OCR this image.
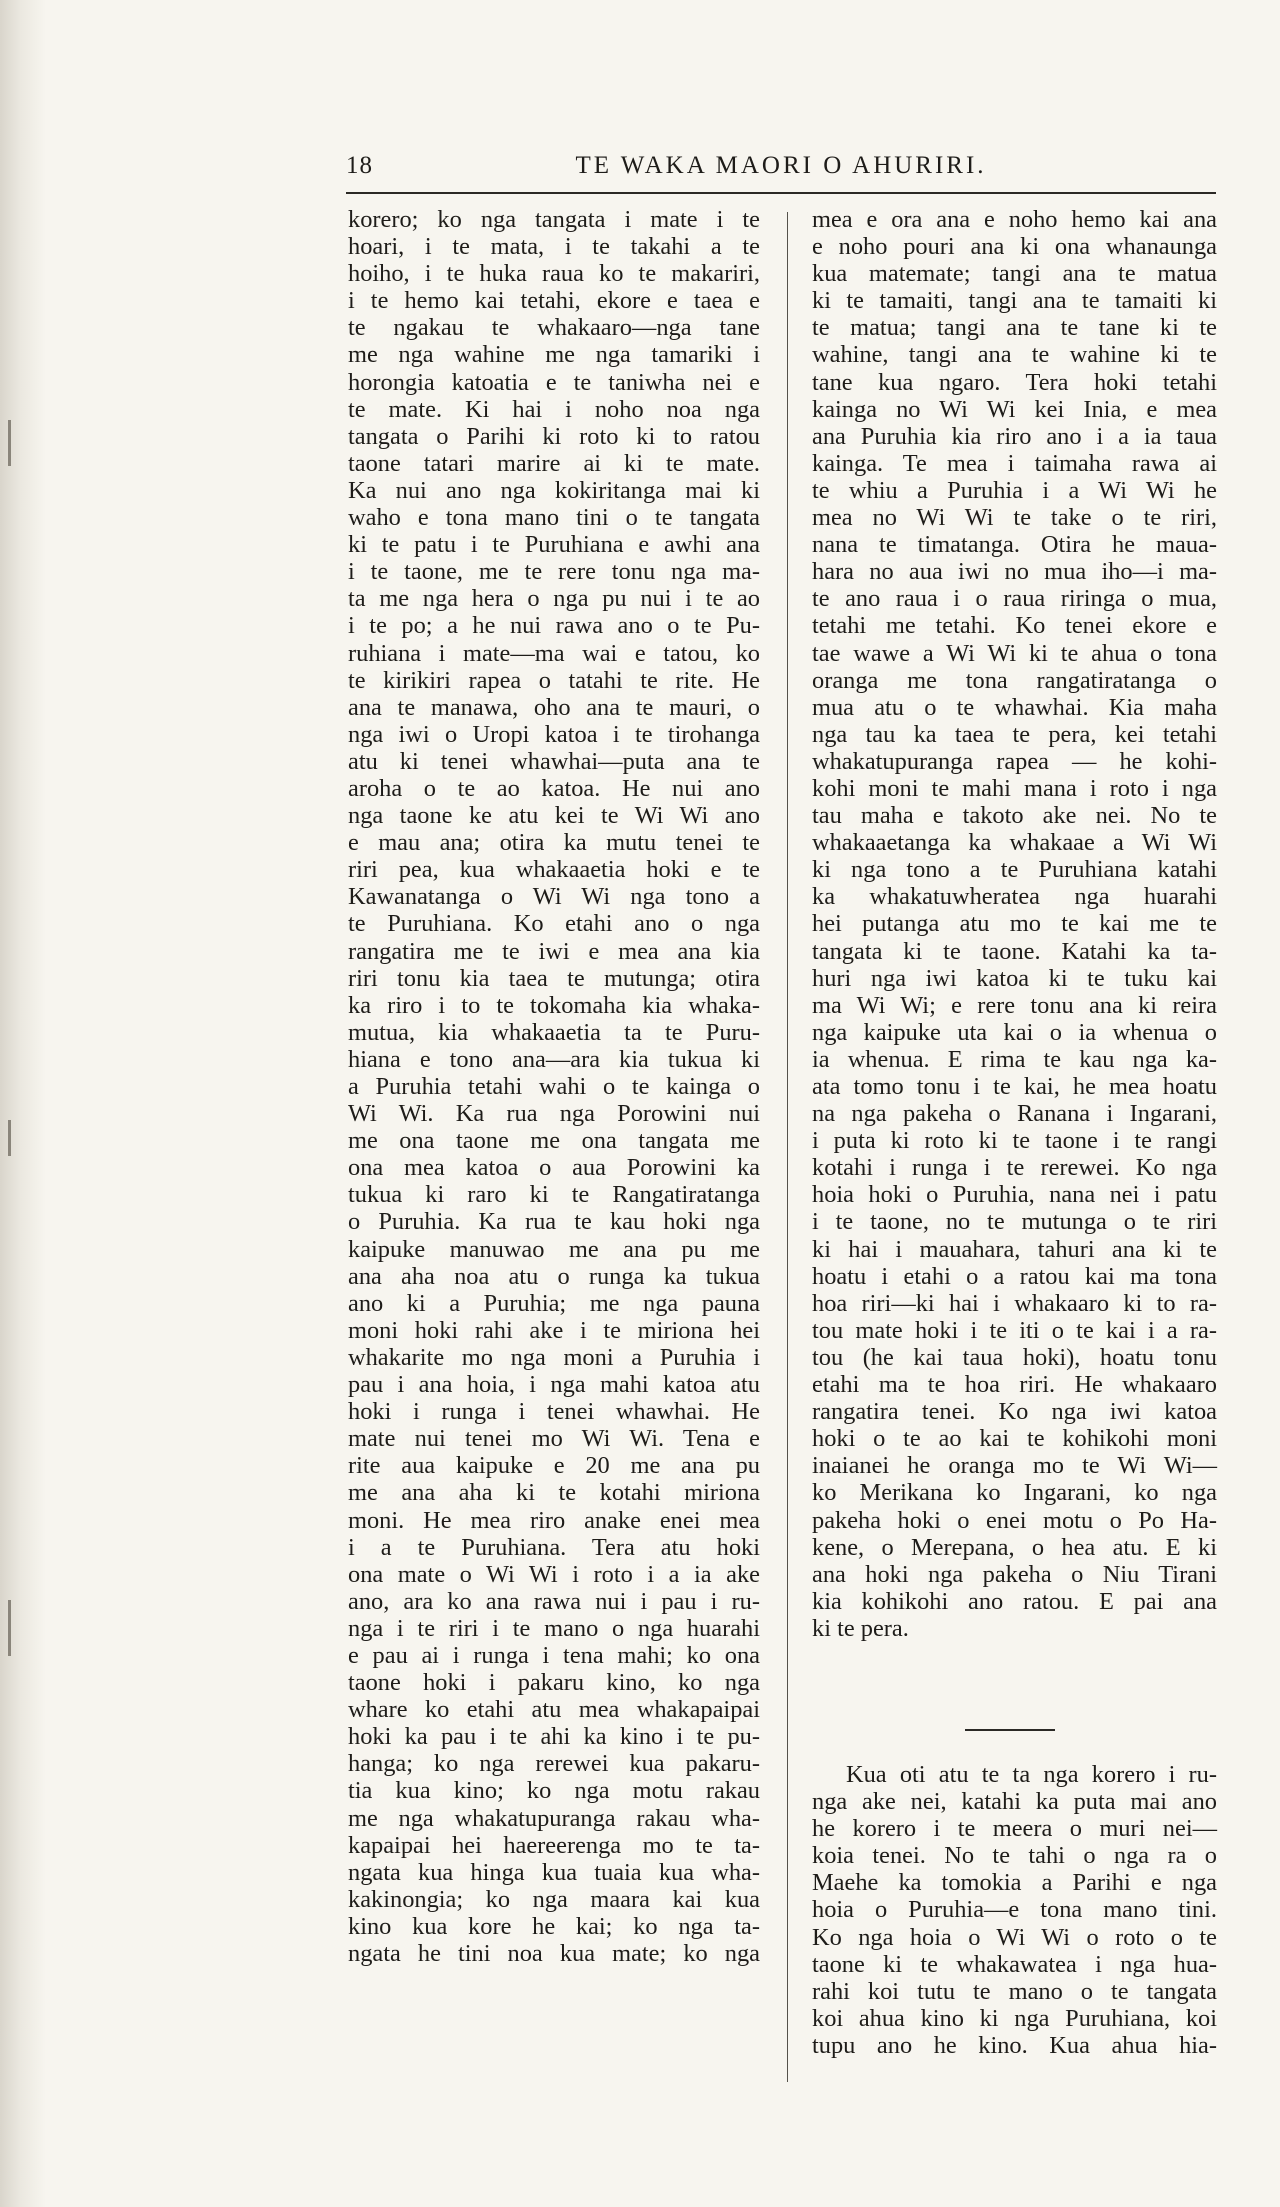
18	TE WAKA MAORI O AHURIRI.
korero; ko nga tangata i mate i te
hoari, i te mata, i te takahi a te
hoiho, i te huka raua ko te makariri,
i te hemo kai tetahi, ekore e taea e
te ngakau te whakaaro—nga tane
me nga wahine me nga tamariki i
horongia katoatia e te taniwha nei e
te mate. Ki hai i noho noa nga
tangata o Parihi ki roto ki to ratou
taone tatari marire ai ki te mate.
Ka nui ano nga kokiritanga mai ki
waho e tona mano tini o te tangata
ki te patu i te Puruhiana e awhi ana
i te taone, me te rere tonu nga ma-
ta me nga hera o nga pu nui i te ao
i te po; a he nui rawa ano o te Pu-
ruhiana i mate—ma wai e tatou, ko
te kirikiri rapea o tatahi te rite. He
ana te manawa, oho ana te mauri, o
nga iwi o Uropi katoa i te tirohanga
atu ki tenei whawhai—puta ana te
aroha o te ao katoa. He nui ano
nga taone ke atu kei te Wi Wi ano
e mau ana; otira ka mutu tenei te
riri pea, kua whakaaetia hoki e te
Kawanatanga o Wi Wi nga tono a
te Puruhiana. Ko etahi ano o nga
rangatira me te iwi e mea ana kia
riri tonu kia taea te mutunga; otira
ka riro i to te tokomaha kia whaka-
mutua, kia whakaaetia ta te Puru-
hiana e tono ana—ara kia tukua ki
a Puruhia tetahi wahi o te kainga o
Wi Wi. Ka rua nga Porowini nui
me ona taone me ona tangata me
ona mea katoa o aua Porowini ka
tukua ki raro ki te Rangatiratanga
o Puruhia. Ka rua te kau hoki nga
kaipuke manuwao me ana pu me
ana aha noa atu o runga ka tukua
ano ki a Puruhia; me nga pauna
moni hoki rahi ake i te miriona hei
whakarite mo nga moni a Puruhia i
pau i ana hoia, i nga mahi katoa atu
hoki i runga i tenei whawhai. He
mate nui tenei mo Wi Wi. Tena e
rite aua kaipuke e 20 me ana pu
me ana aha ki te kotahi miriona
moni. He mea riro anake enei mea
i a te Puruhiana. Tera atu hoki
ona mate o Wi Wi i roto i a ia ake
ano, ara ko ana rawa nui i pau i ru-
nga i te riri i te mano o nga huarahi
e pau ai i runga i tena mahi; ko ona
taone hoki i pakaru kino, ko nga
whare ko etahi atu mea whakapaipai
hoki ka pau i te ahi ka kino i te pu-
hanga; ko nga rerewei kua pakaru-
tia kua kino; ko nga motu rakau
me nga whakatupuranga rakau wha-
kapaipai hei haereerenga mo te ta-
ngata kua hinga kua tuaia kua wha-
kakinongia; ko nga maara kai kua
kino kua kore he kai; ko nga ta-
ngata he tini noa kua mate; ko nga
mea e ora ana e noho hemo kai ana
e noho pouri ana ki ona whanaunga
kua matemate; tangi ana te matua
ki te tamaiti, tangi ana te tamaiti ki
te matua; tangi ana te tane ki te
wahine, tangi ana te wahine ki te
tane kua ngaro. Tera hoki tetahi
kainga no Wi Wi kei Inia, e mea
ana Puruhia kia riro ano i a ia taua
kainga. Te mea i taimaha rawa ai
te whiu a Puruhia i a Wi Wi he
mea no Wi Wi te take o te riri,
nana te timatanga. Otira he maua-
hara no aua iwi no mua iho—i ma-
te ano raua i o raua riringa o mua,
tetahi me tetahi. Ko tenei ekore e
tae wawe a Wi Wi ki te ahua o tona
oranga me tona rangatiratanga o
mua atu o te whawhai. Kia maha
nga tau ka taea te pera, kei tetahi
whakatupuranga rapea — he kohi-
kohi moni te mahi mana i roto i nga
tau maha e takoto ake nei. No te
whakaaetanga ka whakaae a Wi Wi
ki nga tono a te Puruhiana katahi
ka whakatuwheratea nga huarahi
hei putanga atu mo te kai me te
tangata ki te taone. Katahi ka ta-
huri nga iwi katoa ki te tuku kai
ma Wi Wi; e rere tonu ana ki reira
nga kaipuke uta kai o ia whenua o
ia whenua. E rima te kau nga ka-
ata tomo tonu i te kai, he mea hoatu
na nga pakeha o Ranana i Ingarani,
i puta ki roto ki te taone i te rangi
kotahi i runga i te rerewei. Ko nga
hoia hoki o Puruhia, nana nei i patu
i te taone, no te mutunga o te riri
ki hai i mauahara, tahuri ana ki te
hoatu i etahi o a ratou kai ma tona
hoa riri—ki hai i whakaaro ki to ra-
tou mate hoki i te iti o te kai i a ra-
tou (he kai taua hoki), hoatu tonu
etahi ma te hoa riri. He whakaaro
rangatira tenei. Ko nga iwi katoa
hoki o te ao kai te kohikohi moni
inaianei he oranga mo te Wi Wi—
ko Merikana ko Ingarani, ko nga
pakeha hoki o enei motu o Po Ha-
kene, o Merepana, o hea atu. E ki
ana hoki nga pakeha o Niu Tirani
kia kohikohi ano ratou. E pai ana
ki te pera.
Kua oti atu te ta nga korero i ru-
nga ake nei, katahi ka puta mai ano
he korero i te meera o muri nei—
koia tenei. No te tahi o nga ra o
Maehe ka tomokia a Parihi e nga
hoia o Puruhia—e tona mano tini.
Ko nga hoia o Wi Wi o roto o te
taone ki te whakawatea i nga hua-
rahi koi tutu te mano o te tangata
koi ahua kino ki nga Puruhiana, koi
tupu ano he kino. Kua ahua hia-
